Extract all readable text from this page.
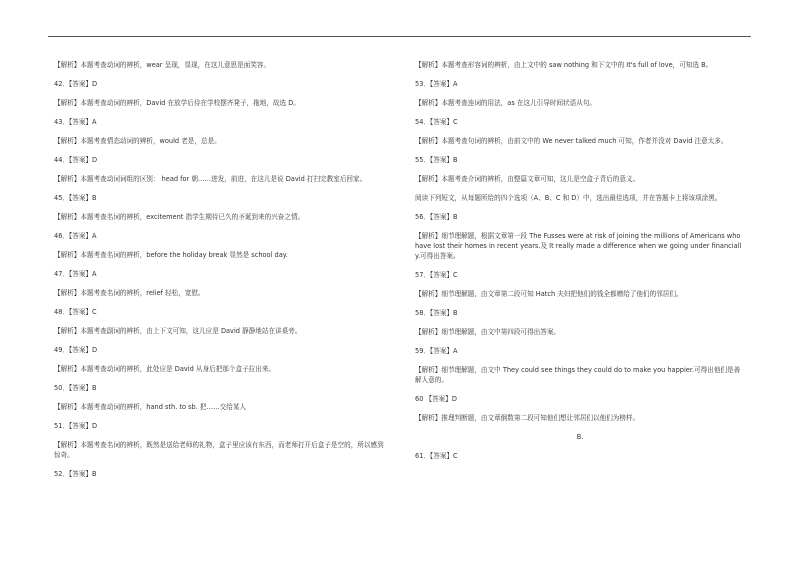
【解析】本题考查动词的辨析，wear 呈现，显现，在这儿意思是面笑容。

42．【答案】D

【解析】本题考查动词的辨析，David 在放学后待在学校摆齐凳子，拖地，故选 D。

43．【答案】A

【解析】本题考查情态动词的辨析，would 老是，总是。

44．【答案】D

【解析】本题考查动词词组的区别： head for 朝……进发，前进，在这儿是说 David 打扫完教室后回家。

45．【答案】B

【解析】本题考查名词的辨析，excitement 指学生期待已久的圣诞到来的兴奋之情。

46．【答案】A

【解析】本题考查名词的辨析，before the holiday break 显然是 school day.

47．【答案】A

【解析】本题考查名词的辨析，relief 轻松，宽慰。

48．【答案】C

【解析】本题考查副词的辨析，由上下文可知，这儿应是 David 静静地站在讲桌旁。

49．【答案】D

【解析】本题考查动词的辨析，此处应是 David 从身后把那个盒子拉出来。

50．【答案】B

【解析】本题考查动词的辨析，hand sth. to sb. 把……交给某人

51．【答案】D

【解析】本题考查名词的辨析，既然是送给老师的礼物，盒子里应该有东西，而老师打开后盒子是空的，所以感到惊奇。

52．【答案】B

【解析】本题考查形容词的辨析，由上文中的 saw nothing 和下文中的 It's full of love，可知选 B。

53．【答案】A

【解析】本题考查连词的用法，as 在这儿引导时间状语从句。

54．【答案】C

【解析】本题考查句词的辨析，由前文中的 We never talked much 可知，作者并没对 David 注意太多。

55．【答案】B

【解析】本题考查介词的辨析，由整篇文章可知，这儿是空盒子背后的意义。

阅读下列短文，从每题所给的四个选项（A、B、C 和 D）中，选出最佳选项，并在答题卡上将该项涂黑。

56．【答案】B

【解析】细节理解题，根据文章第一段 The Fusses were at risk of joining the millions of Americans who have lost their homes in recent years.及 It really made a difference when we going under financially.可得出答案。

57．【答案】C

【解析】细节理解题，由文章第二段可知 Hatch 夫妇把他们的钱全都赠给了他们的邻居们。

58．【答案】B

【解析】细节理解题，由文中第四段可得出答案。

59．【答案】A

【解析】细节理解题，由文中 They could see things they could do to make you happier.可得出他们是善解人意的。

60 【答案】D

【解析】推理判断题，由文章倒数第二段可知他们想让邻居们以他们为榜样。

B.

61．【答案】C
